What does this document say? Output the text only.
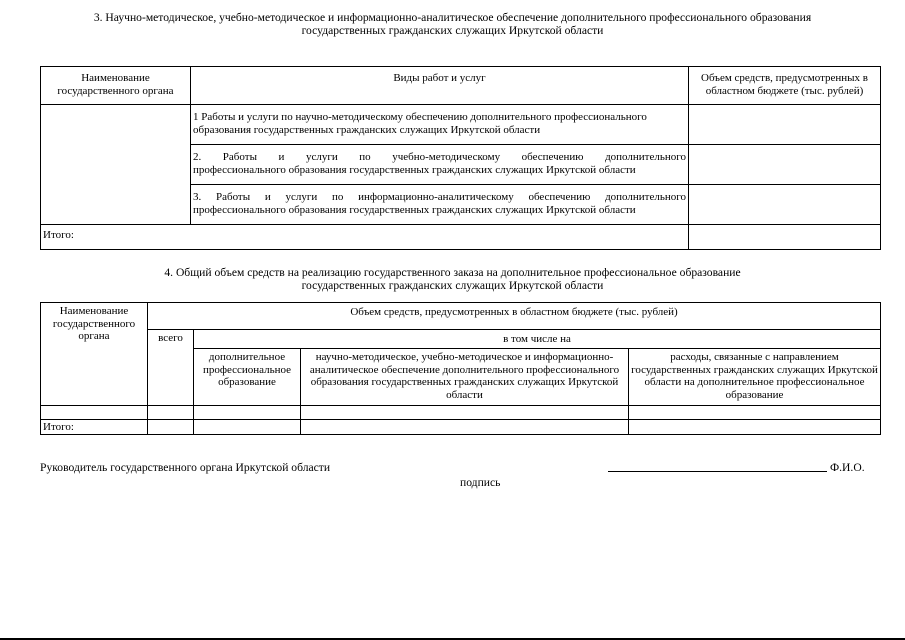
3. Научно-методическое, учебно-методическое и информационно-аналитическое обеспечение дополнительного профессионального образования
государственных гражданских служащих Иркутской области
Наименование государственного органа	Виды работ и услуг	Объем средств, предусмотренных в областном бюджете (тыс. рублей)

	1 Работы и услуги по научно-методическому обеспечению дополнительного профессионального
образования государственных гражданских служащих Иркутской области	

	2. Работы и услуги по учебно-методическому обеспечению дополнительного
профессионального образования государственных гражданских служащих Иркутской области	

	3. Работы и услуги по информационно-аналитическому обеспечению дополнительного
профессионального образования государственных гражданских служащих Иркутской области	

Итого:		
4. Общий объем средств на реализацию государственного заказа на дополнительное профессиональное образование
государственных гражданских служащих Иркутской области
Наименование государственного органа	Объем средств, предусмотренных в областном бюджете (тыс. рублей)			
	всего	в том числе на		
		дополнительное профессиональное образование	научно-методическое, учебно-методическое и информационно-аналитическое обеспечение дополнительного профессионального образования государственных гражданских служащих Иркутской области	расходы, связанные с направлением государственных гражданских служащих Иркутской области на дополнительное профессиональное образование

Итого:				
Руководитель государственного органа Иркутской области	Ф.И.О.
подпись
